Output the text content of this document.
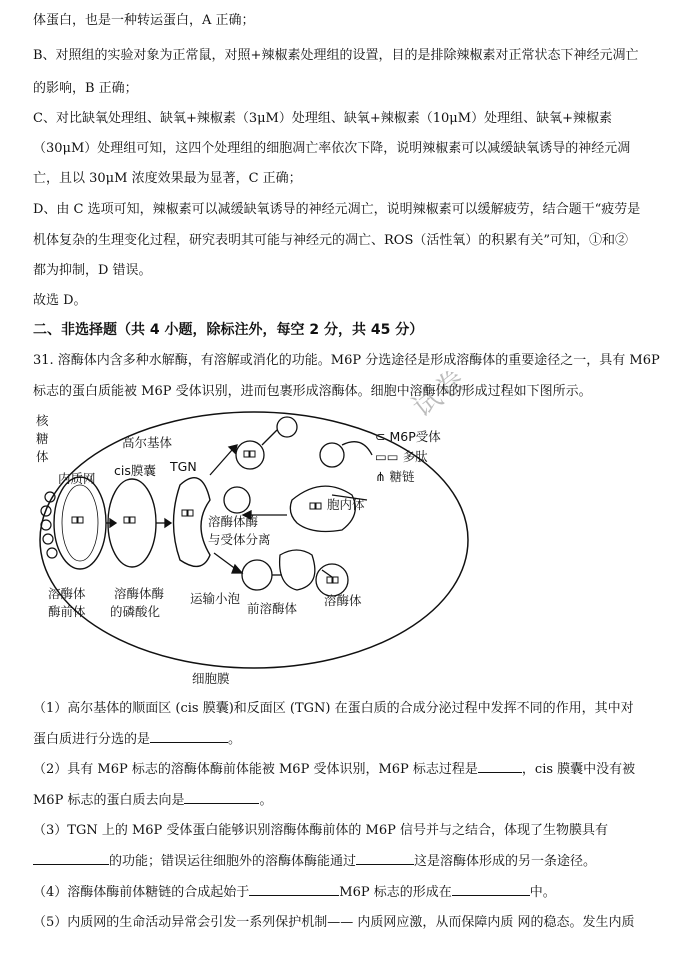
体蛋白，也是一种转运蛋白，A 正确；
B、对照组的实验对象为正常鼠，对照+辣椒素处理组的设置，目的是排除辣椒素对正常状态下神经元凋亡
的影响，B 正确；
C、对比缺氧处理组、缺氧+辣椒素（3μM）处理组、缺氧+辣椒素（10μM）处理组、缺氧+辣椒素
（30μM）处理组可知，这四个处理组的细胞凋亡率依次下降，说明辣椒素可以减缓缺氧诱导的神经元凋
亡，且以 30μM 浓度效果最为显著，C 正确；
D、由 C 选项可知，辣椒素可以减缓缺氧诱导的神经元凋亡，说明辣椒素可以缓解疲劳，结合题干“疲劳是
机体复杂的生理变化过程，研究表明其可能与神经元的凋亡、ROS（活性氧）的积累有关”可知，①和②
都为抑制，D 错误。
故选 D。
二、非选择题（共 4 小题，除标注外，每空 2 分，共 45 分）
31. 溶酶体内含多种水解酶，有溶解或消化的功能。M6P 分选途径是形成溶酶体的重要途径之一，具有 M6P
标志的蛋白质能被 M6P 受体识别，进而包裹形成溶酶体。细胞中溶酶体的形成过程如下图所示。
核
糖
体
内质网
高尔基体
cis膜囊 TGN
胞内体
溶酶体酶
与受体分离
溶酶体
酶前体
溶酶体酶
的磷酸化
运输小泡
前溶酶体
溶酶体
细胞膜
⊂ M6P受体
▭▭ 多肽
⋔ 糖链
试卷
（1）高尔基体的顺面区 (cis 膜囊)和反面区 (TGN) 在蛋白质的合成分泌过程中发挥不同的作用，其中对
蛋白质进行分选的是	。
（2）具有 M6P 标志的溶酶体酶前体能被 M6P 受体识别，M6P 标志过程是	，cis 膜囊中没有被
M6P 标志的蛋白质去向是	。
（3）TGN 上的 M6P 受体蛋白能够识别溶酶体酶前体的 M6P 信号并与之结合，体现了生物膜具有
的功能；错误运往细胞外的溶酶体酶能通过	这是溶酶体形成的另一条途径。
（4）溶酶体酶前体糖链的合成起始于	M6P 标志的形成在	中。
（5）内质网的生命活动异常会引发一系列保护机制—— 内质网应激，从而保障内质 网的稳态。发生内质
